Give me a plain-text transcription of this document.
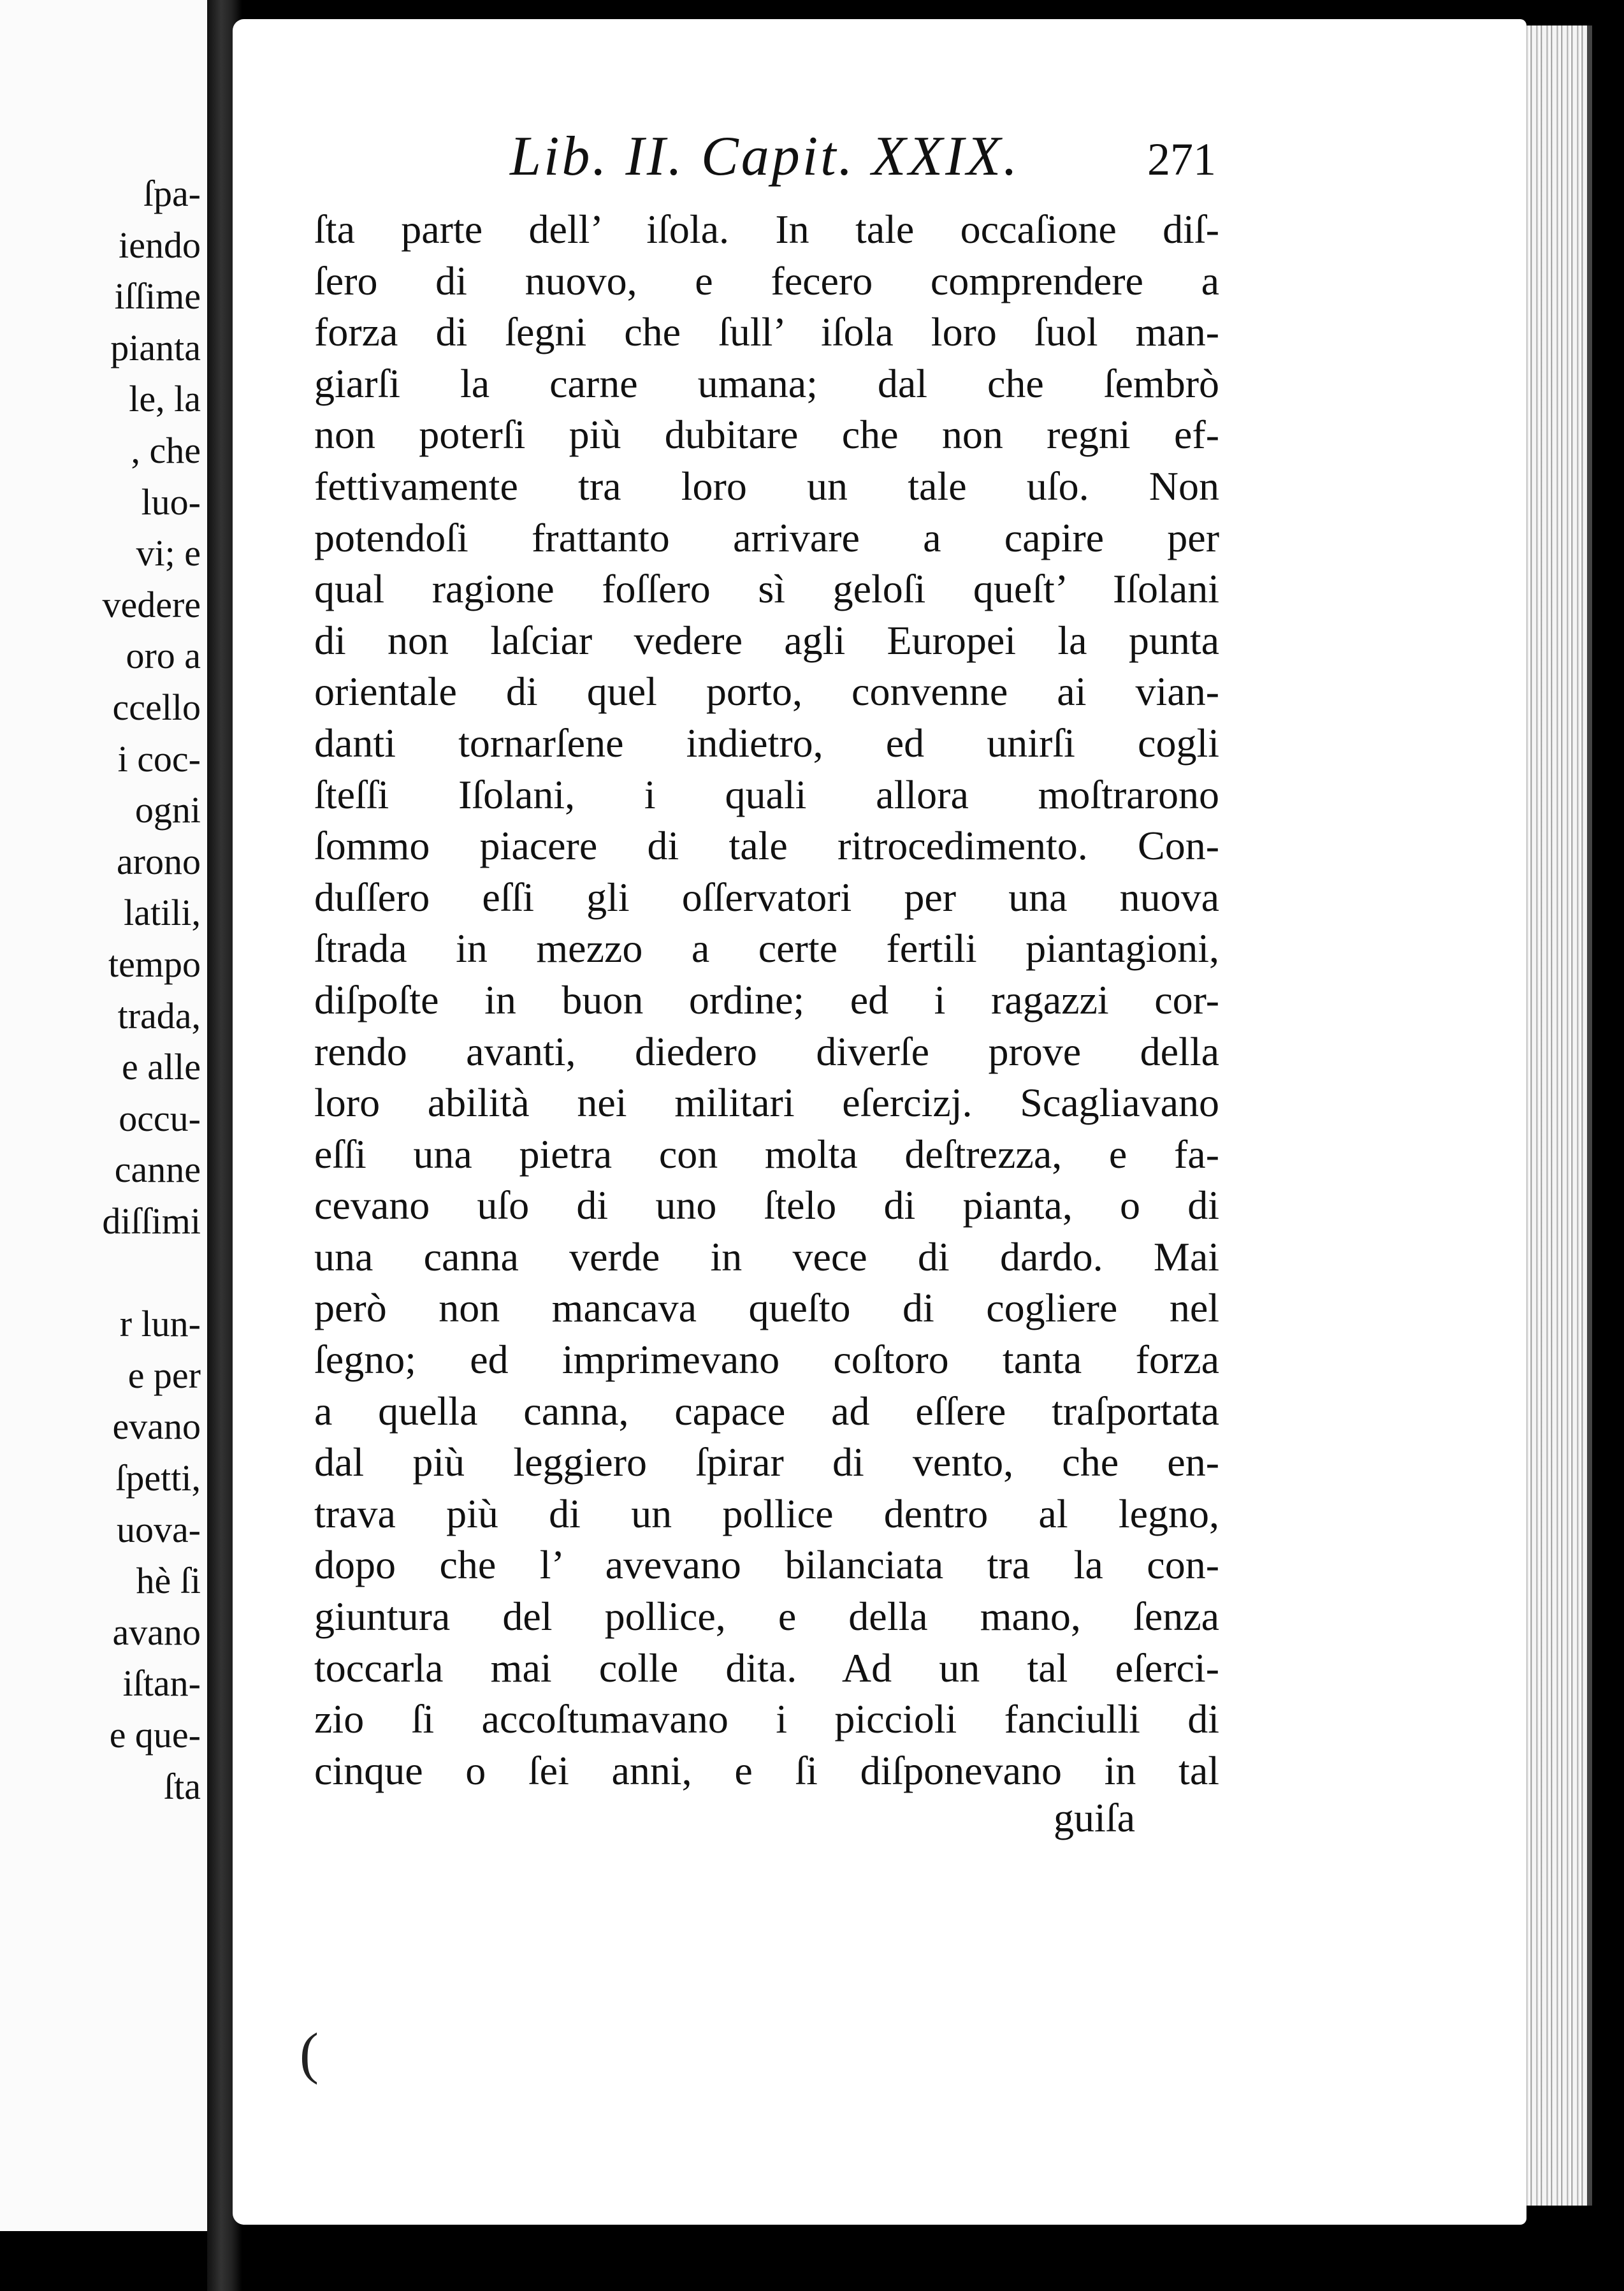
ſpa-
iendo
iſſime
pianta
le, la
, che
luo-
vi; e
vedere
oro a
ccello
i coc-
ogni
arono
latili,
tempo
trada,
e alle
occu-
canne
diſſimi
r lun-
e per
evano
ſpetti,
uova-
hè ſi
avano
iſtan-
e que-
ſta
Lib. II. Capit. XXIX.	271
ſta parte dell’ iſola. In tale occaſione diſ-
ſero di nuovo, e fecero comprendere a
forza di ſegni che ſull’ iſola loro ſuol man-
giarſi la carne umana; dal che ſembrò
non poterſi più dubitare che non regni ef-
fettivamente tra loro un tale uſo. Non
potendoſi frattanto arrivare a capire per
qual ragione foſſero sì geloſi queſt’ Iſolani
di non laſciar vedere agli Europei la punta
orientale di quel porto, convenne ai vian-
danti tornarſene indietro, ed unirſi cogli
ſteſſi Iſolani, i quali allora moſtrarono
ſommo piacere di tale ritrocedimento. Con-
duſſero eſſi gli oſſervatori per una nuova
ſtrada in mezzo a certe fertili piantagioni,
diſpoſte in buon ordine; ed i ragazzi cor-
rendo avanti, diedero diverſe prove della
loro abilità nei militari eſercizj. Scagliavano
eſſi una pietra con molta deſtrezza, e fa-
cevano uſo di uno ſtelo di pianta, o di
una canna verde in vece di dardo. Mai
però non mancava queſto di cogliere nel
ſegno; ed imprimevano coſtoro tanta forza
a quella canna, capace ad eſſere traſportata
dal più leggiero ſpirar di vento, che en-
trava più di un pollice dentro al legno,
dopo che l’ avevano bilanciata tra la con-
giuntura del pollice, e della mano, ſenza
toccarla mai colle dita. Ad un tal eſerci-
zio ſi accoſtumavano i piccioli fanciulli di
cinque o ſei anni, e ſi diſponevano in tal
guiſa
(
